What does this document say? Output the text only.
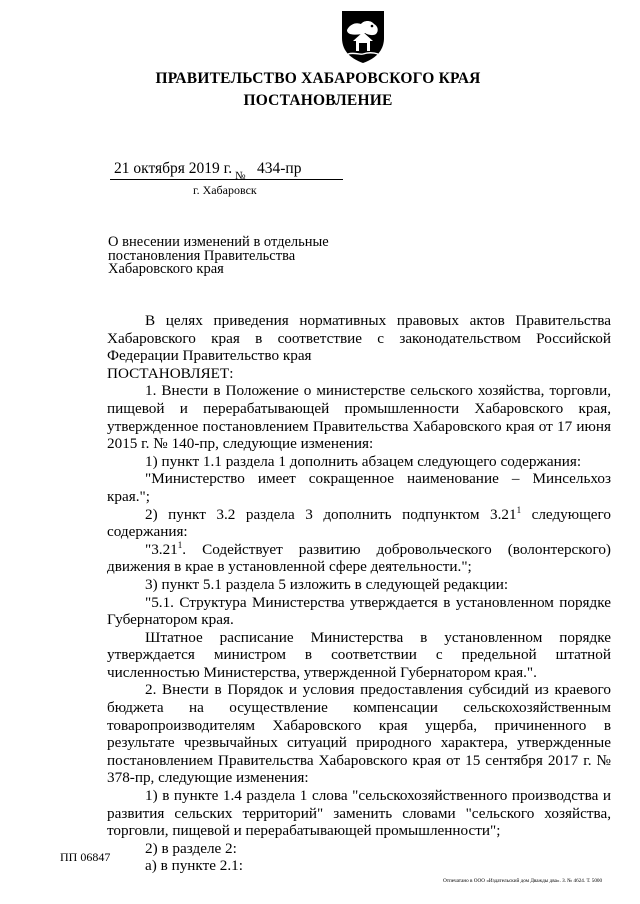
ПРАВИТЕЛЬСТВО ХАБАРОВСКОГО КРАЯ
ПОСТАНОВЛЕНИЕ
21 октября 2019 г. № 434-пр
г. Хабаровск
О внесении изменений в отдельные постановления Правительства Хабаровского края

В целях приведения нормативных правовых актов Правительства Хабаровского края в соответствие с законодательством Российской Федерации Правительство края

ПОСТАНОВЛЯЕТ:

1. Внести в Положение о министерстве сельского хозяйства, торговли, пищевой и перерабатывающей промышленности Хабаровского края, утвержденное постановлением Правительства Хабаровского края от 17 июня 2015 г. № 140-пр, следующие изменения:

1) пункт 1.1 раздела 1 дополнить абзацем следующего содержания:

"Министерство имеет сокращенное наименование – Минсельхоз края.";

2) пункт 3.2 раздела 3 дополнить подпунктом 3.21$^1$ следующего содержания:

"3.21$^1$. Содействует развитию добровольческого (волонтерского) движения в крае в установленной сфере деятельности.";

3) пункт 5.1 раздела 5 изложить в следующей редакции:

"5.1. Структура Министерства утверждается в установленном порядке Губернатором края.

Штатное расписание Министерства в установленном порядке утверждается министром в соответствии с предельной штатной численностью Министерства, утвержденной Губернатором края.".

2. Внести в Порядок и условия предоставления субсидий из краевого бюджета на осуществление компенсации сельскохозяйственным товаропроизводителям Хабаровского края ущерба, причиненного в результате чрезвычайных ситуаций природного характера, утвержденные постановлением Правительства Хабаровского края от 15 сентября 2017 г. № 378-пр, следующие изменения:

1) в пункте 1.4 раздела 1 слова "сельскохозяйственного производства и развития сельских территорий" заменить словами "сельского хозяйства, торговли, пищевой и перерабатывающей промышленности";

2) в разделе 2:

а) в пункте 2.1:

ПП 06847
Отпечатано в ООО «Издательский дом Дважды два». З. № 4624. Т. 5000
